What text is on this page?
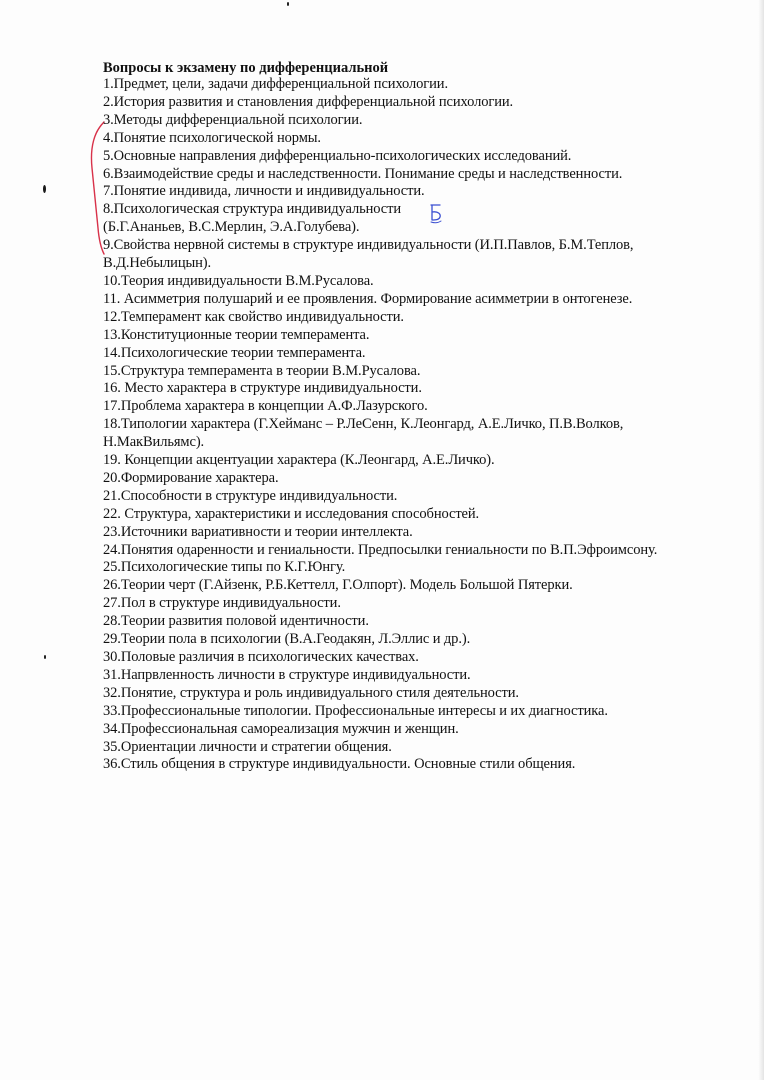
Вопросы к экзамену по дифференциальной

1.Предмет, цели, задачи дифференциальной психологии.
2.История развития и становления дифференциальной психологии.
3.Методы дифференциальной психологии.
4.Понятие психологической нормы.
5.Основные направления дифференциально-психологических исследований.
6.Взаимодействие среды и наследственности. Понимание среды и наследственности.
7.Понятие индивида, личности и индивидуальности.
8.Психологическая структура индивидуальности (Б.Г.Ананьев, В.С.Мерлин, Э.А.Голубева).
9.Свойства нервной системы в структуре индивидуальности (И.П.Павлов, Б.М.Теплов, В.Д.Небылицын).
10.Теория индивидуальности В.М.Русалова.
11. Асимметрия полушарий и ее проявления. Формирование асимметрии в онтогенезе.
12.Темперамент как свойство индивидуальности.
13.Конституционные теории темперамента.
14.Психологические теории темперамента.
15.Структура темперамента в теории В.М.Русалова.
16. Место характера в структуре индивидуальности.
17.Проблема характера в концепции А.Ф.Лазурского.
18.Типологии характера (Г.Хейманс – Р.ЛеСенн, К.Леонгард, А.Е.Личко, П.В.Волков, Н.МакВильямс).
19. Концепции акцентуации характера (К.Леонгард, А.Е.Личко).
20.Формирование характера.
21.Способности в структуре индивидуальности.
22. Структура, характеристики и исследования способностей.
23.Источники вариативности и теории интеллекта.
24.Понятия одаренности и гениальности. Предпосылки гениальности по В.П.Эфроимсону.
25.Психологические типы по К.Г.Юнгу.
26.Теории черт (Г.Айзенк, Р.Б.Кеттелл, Г.Олпорт). Модель Большой Пятерки.
27.Пол в структуре индивидуальности.
28.Теории развития половой идентичности.
29.Теории пола в психологии (В.А.Геодакян, Л.Эллис и др.).
30.Половые различия в психологических качествах.
31.Напрвленность личности в структуре индивидуальности.
32.Понятие, структура и роль индивидуального стиля деятельности.
33.Профессиональные типологии. Профессиональные интересы и их диагностика.
34.Профессиональная самореализация мужчин и женщин.
35.Ориентации личности и стратегии общения.
36.Стиль общения в структуре индивидуальности. Основные стили общения.
